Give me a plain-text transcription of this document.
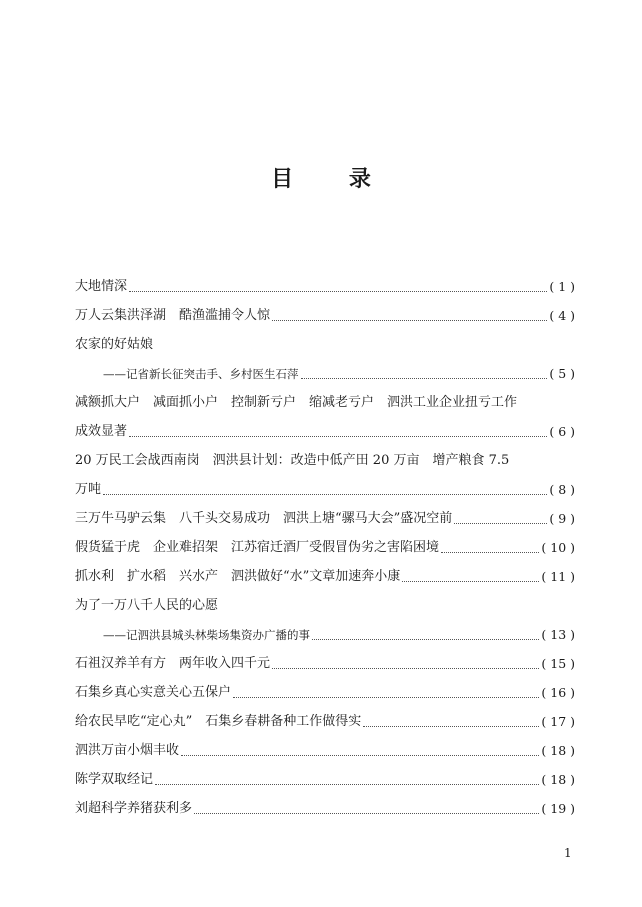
目 录
大地情深	( 1 )
万人云集洪泽湖　酷渔滥捕令人惊	( 4 )
农家的好姑娘
——记省新长征突击手、乡村医生石萍	( 5 )
减额抓大户　减面抓小户　控制新亏户　缩减老亏户　泗洪工业企业扭亏工作
成效显著	( 6 )
20 万民工会战西南岗　泗洪县计划：改造中低产田 20 万亩　增产粮食 7.5
万吨	( 8 )
三万牛马驴云集　八千头交易成功　泗洪上塘“骡马大会”盛况空前	( 9 )
假货猛于虎　企业难招架　江苏宿迁酒厂受假冒伪劣之害陷困境	( 10 )
抓水利　扩水稻　兴水产　泗洪做好“水”文章加速奔小康	( 11 )
为了一万八千人民的心愿
——记泗洪县城头林柴场集资办广播的事	( 13 )
石祖汉养羊有方　两年收入四千元	( 15 )
石集乡真心实意关心五保户	( 16 )
给农民早吃“定心丸”　石集乡春耕备种工作做得实	( 17 )
泗洪万亩小烟丰收	( 18 )
陈学双取经记	( 18 )
刘超科学养猪获利多	( 19 )

1
